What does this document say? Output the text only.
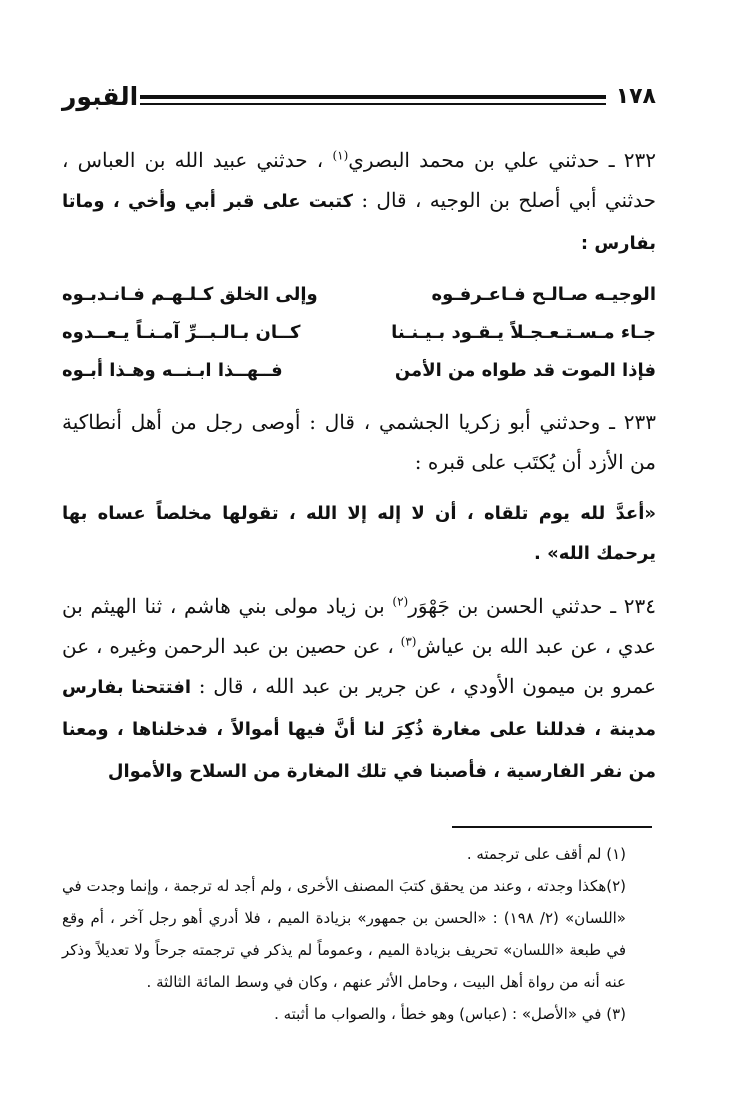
القبور	١٧٨

٢٣٢ ـ حدثني علي بن محمد البصري$^{(١)}$ ، حدثني عبيد الله بن العباس ، حدثني أبي أصلح بن الوجيه ، قال : كتبت على قبر أبي وأخي ، وماتا بفارس :

الوجيـه صـالـح فـاعـرفـوه
وإلى الخلق كـلـهـم فـانـدبـوه
جـاء مـسـتـعـجـلاً يـقـود بـيـنـنا
كــان بـالـبــرِّ آمـنـاً يـعــدوه
فإذا الموت قد طواه من الأمن
فــهــذا ابـنــه وهـذا أبـوه

٢٣٣ ـ وحدثني أبو زكريا الجشمي ، قال : أوصى رجل من أهل أنطاكية من الأزد أن يُكتَب على قبره :

«أعدَّ لله يوم تلقاه ، أن لا إله إلا الله ، تقولها مخلصاً عساه بها يرحمك الله» .

٢٣٤ ـ حدثني الحسن بن جَهْوَر$^{(٢)}$ بن زياد مولى بني هاشم ، ثنا الهيثم بن عدي ، عن عبد الله بن عياش$^{(٣)}$ ، عن حصين بن عبد الرحمن وغيره ، عن عمرو بن ميمون الأودي ، عن جرير بن عبد الله ، قال : افتتحنا بفارس مدينة ، فدللنا على مغارة ذُكِرَ لنا أنَّ فيها أموالاً ، فدخلناها ، ومعنا من نفر الفارسية ، فأصبنا في تلك المغارة من السلاح والأموال

(١) لم أقف على ترجمته .

(٢)هكذا وجدته ، وعند من يحقق كتبَ المصنف الأخرى ، ولم أجد له ترجمة ، وإنما وجدت في «اللسان» (٢/ ١٩٨) : «الحسن بن جمهور» بزيادة الميم ، فلا أدري أهو رجل آخر ، أم وقع في طبعة «اللسان» تحريف بزيادة الميم ، وعموماً لم يذكر في ترجمته جرحاً ولا تعديلاً وذكر عنه أنه من رواة أهل البيت ، وحامل الأثر عنهم ، وكان في وسط المائة الثالثة .

(٣) في «الأصل» : (عباس) وهو خطأ ، والصواب ما أثبته .
